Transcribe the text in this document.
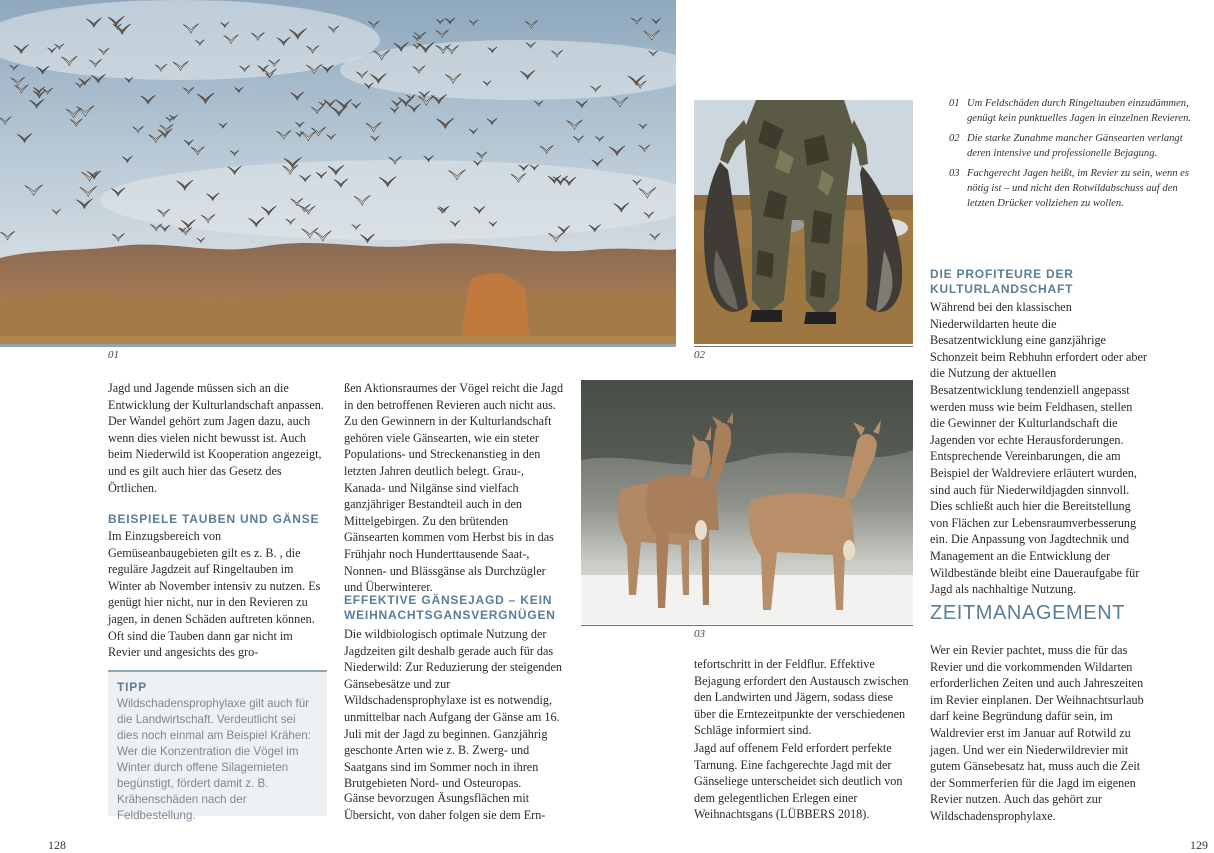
01	02
03
Jagd und Jagende müssen sich an die Entwicklung der Kulturlandschaft anpassen. Der Wandel gehört zum Jagen dazu, auch wenn dies vielen nicht bewusst ist. Auch beim Niederwild ist Kooperation angezeigt, und es gilt auch hier das Gesetz des Örtlichen.
BEISPIELE TAUBEN UND GÄNSE
Im Einzugsbereich von Gemüseanbaugebieten gilt es z. B. , die reguläre Jagdzeit auf Ringeltauben im Winter ab November intensiv zu nutzen. Es genügt hier nicht, nur in den Revieren zu jagen, in denen Schäden auftreten können. Oft sind die Tauben dann gar nicht im Revier und angesichts des gro-
TIPP
Wildschadensprophylaxe gilt auch für die Landwirtschaft. Verdeutlicht sei dies noch einmal am Beispiel Krähen: Wer die Konzentration die Vögel im Winter durch offene Silagemieten begünstigt, fördert damit z. B. Krähenschäden nach der Feldbestellung.
ßen Aktionsraumes der Vögel reicht die Jagd in den betroffenen Revieren auch nicht aus. Zu den Gewinnern in der Kulturlandschaft gehören viele Gänsearten, wie ein steter Populations- und Streckenanstieg in den letzten Jahren deutlich belegt. Grau-, Kanada- und Nilgänse sind vielfach ganzjähriger Bestandteil auch in den Mittelgebirgen. Zu den brütenden Gänsearten kommen vom Herbst bis in das Frühjahr noch Hunderttausende Saat-, Nonnen- und Blässgänse als Durchzügler und Überwinterer.
EFFEKTIVE GÄNSEJAGD – KEIN WEIHNACHTSGANSVERGNÜGEN
Die wildbiologisch optimale Nutzung der Jagdzeiten gilt deshalb gerade auch für das Niederwild: Zur Reduzierung der steigenden Gänsebesätze und zur Wildschadensprophylaxe ist es notwendig, unmittelbar nach Aufgang der Gänse am 16. Juli mit der Jagd zu beginnen. Ganzjährig geschonte Arten wie z. B. Zwerg- und Saatgans sind im Sommer noch in ihren Brutgebieten Nord- und Osteuropas.
Gänse bevorzugen Äsungsflächen mit Übersicht, von daher folgen sie dem Ern-
tefortschritt in der Feldflur. Effektive Bejagung erfordert den Austausch zwischen den Landwirten und Jägern, sodass diese über die Erntezeitpunkte der verschiedenen Schläge informiert sind.
Jagd auf offenem Feld erfordert perfekte Tarnung. Eine fachgerechte Jagd mit der Gänseliege unterscheidet sich deutlich von dem gelegentlichen Erlegen einer Weihnachtsgans (LÜBBERS 2018).
01 Um Feldschäden durch Ringeltauben einzudämmen, genügt kein punktuelles Jagen in einzelnen Revieren.
02 Die starke Zunahme mancher Gänsearten verlangt deren intensive und professionelle Bejagung.
03 Fachgerecht Jagen heißt, im Revier zu sein, wenn es nötig ist – und nicht den Rotwildabschuss auf den letzten Drücker vollziehen zu wollen.
DIE PROFITEURE DER KULTURLANDSCHAFT
Während bei den klassischen Niederwildarten heute die Besatzentwicklung eine ganzjährige Schonzeit beim Rebhuhn erfordert oder aber die Nutzung der aktuellen Besatzentwicklung tendenziell angepasst werden muss wie beim Feldhasen, stellen die Gewinner der Kulturlandschaft die Jagenden vor echte Herausforderungen. Entsprechende Vereinbarungen, die am Beispiel der Waldreviere erläutert wurden, sind auch für Niederwildjagden sinnvoll. Dies schließt auch hier die Bereitstellung von Flächen zur Lebensraumverbesserung ein. Die Anpassung von Jagdtechnik und Management an die Entwicklung der Wildbestände bleibt eine Daueraufgabe für Jagd als nachhaltige Nutzung.
ZEITMANAGEMENT
Wer ein Revier pachtet, muss die für das Revier und die vorkommenden Wildarten erforderlichen Zeiten und auch Jahreszeiten im Revier einplanen. Der Weihnachtsurlaub darf keine Begründung dafür sein, im Waldrevier erst im Januar auf Rotwild zu jagen. Und wer ein Niederwildrevier mit gutem Gänsebesatz hat, muss auch die Zeit der Sommerferien für die Jagd im eigenen Revier nutzen. Auch das gehört zur Wildschadensprophylaxe.
128	129
